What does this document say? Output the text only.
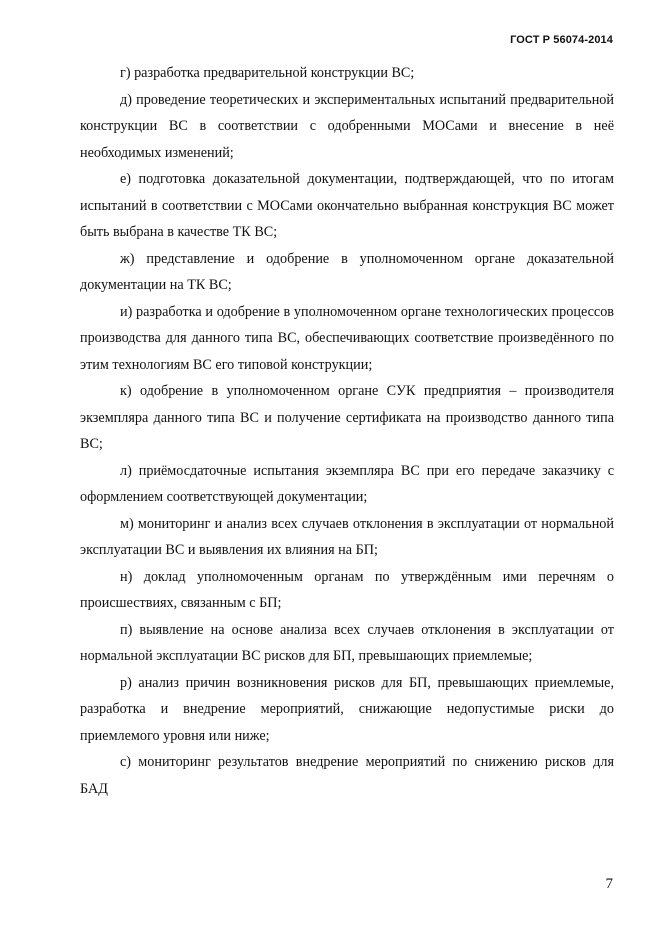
ГОСТ Р 56074-2014

г) разработка предварительной конструкции ВС;

д) проведение теоретических и экспериментальных испытаний предварительной конструкции ВС в соответствии с одобренными МОСами и внесение в неё необходимых изменений;

е) подготовка доказательной документации, подтверждающей, что по итогам испытаний в соответствии с МОСами окончательно выбранная конструкция ВС может быть выбрана в качестве ТК ВС;

ж) представление и одобрение в уполномоченном органе доказательной документации на ТК ВС;

и) разработка и одобрение в уполномоченном органе технологических процессов производства для данного типа ВС, обеспечивающих соответствие произведённого по этим технологиям ВС его типовой конструкции;

к) одобрение в уполномоченном органе СУК предприятия – производителя экземпляра данного типа ВС и получение сертификата на производство данного типа ВС;

л) приёмосдаточные испытания экземпляра ВС при его передаче заказчику с оформлением соответствующей документации;

м) мониторинг и анализ всех случаев отклонения в эксплуатации от нормальной эксплуатации ВС и выявления их влияния на БП;

н) доклад уполномоченным органам по утверждённым ими перечням о происшествиях, связанным с БП;

п) выявление на основе анализа всех случаев отклонения в эксплуатации от нормальной эксплуатации ВС рисков для БП, превышающих приемлемые;

р) анализ причин возникновения рисков для БП, превышающих приемлемые, разработка и внедрение мероприятий, снижающие недопустимые риски до приемлемого уровня или ниже;

с) мониторинг результатов внедрение мероприятий по снижению рисков для БАД

7
